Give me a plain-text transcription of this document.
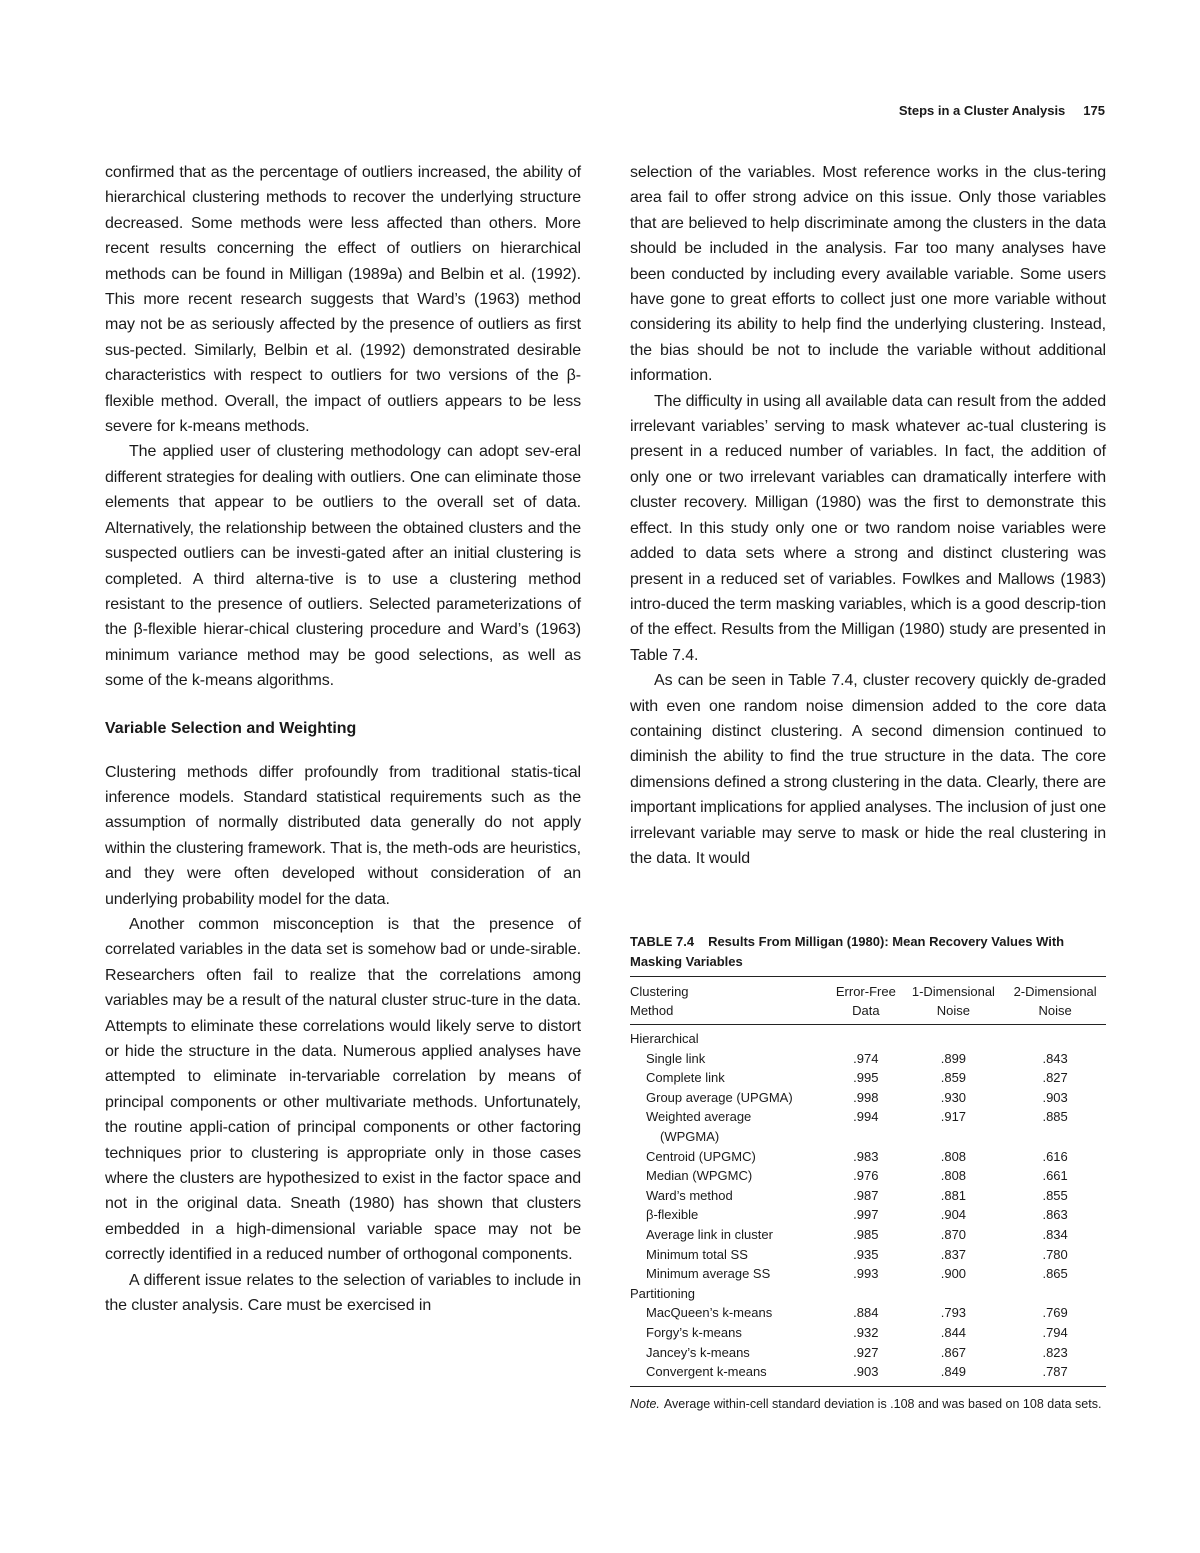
Steps in a Cluster Analysis 175

confirmed that as the percentage of outliers increased, the ability of hierarchical clustering methods to recover the underlying structure decreased. Some methods were less affected than others. More recent results concerning the effect of outliers on hierarchical methods can be found in Milligan (1989a) and Belbin et al. (1992). This more recent research suggests that Ward’s (1963) method may not be as seriously affected by the presence of outliers as first sus-pected. Similarly, Belbin et al. (1992) demonstrated desirable characteristics with respect to outliers for two versions of the β-flexible method. Overall, the impact of outliers appears to be less severe for k-means methods.

The applied user of clustering methodology can adopt sev-eral different strategies for dealing with outliers. One can eliminate those elements that appear to be outliers to the overall set of data. Alternatively, the relationship between the obtained clusters and the suspected outliers can be investi-gated after an initial clustering is completed. A third alterna-tive is to use a clustering method resistant to the presence of outliers. Selected parameterizations of the β-flexible hierar-chical clustering procedure and Ward’s (1963) minimum variance method may be good selections, as well as some of the k-means algorithms.

Variable Selection and Weighting

Clustering methods differ profoundly from traditional statis-tical inference models. Standard statistical requirements such as the assumption of normally distributed data generally do not apply within the clustering framework. That is, the meth-ods are heuristics, and they were often developed without consideration of an underlying probability model for the data.

Another common misconception is that the presence of correlated variables in the data set is somehow bad or unde-sirable. Researchers often fail to realize that the correlations among variables may be a result of the natural cluster struc-ture in the data. Attempts to eliminate these correlations would likely serve to distort or hide the structure in the data. Numerous applied analyses have attempted to eliminate in-tervariable correlation by means of principal components or other multivariate methods. Unfortunately, the routine appli-cation of principal components or other factoring techniques prior to clustering is appropriate only in those cases where the clusters are hypothesized to exist in the factor space and not in the original data. Sneath (1980) has shown that clusters embedded in a high-dimensional variable space may not be correctly identified in a reduced number of orthogonal components.

A different issue relates to the selection of variables to include in the cluster analysis. Care must be exercised in

selection of the variables. Most reference works in the clus-tering area fail to offer strong advice on this issue. Only those variables that are believed to help discriminate among the clusters in the data should be included in the analysis. Far too many analyses have been conducted by including every available variable. Some users have gone to great efforts to collect just one more variable without considering its ability to help find the underlying clustering. Instead, the bias should be not to include the variable without additional information.

The difficulty in using all available data can result from the added irrelevant variables’ serving to mask whatever ac-tual clustering is present in a reduced number of variables. In fact, the addition of only one or two irrelevant variables can dramatically interfere with cluster recovery. Milligan (1980) was the first to demonstrate this effect. In this study only one or two random noise variables were added to data sets where a strong and distinct clustering was present in a reduced set of variables. Fowlkes and Mallows (1983) intro-duced the term masking variables, which is a good descrip-tion of the effect. Results from the Milligan (1980) study are presented in Table 7.4.

As can be seen in Table 7.4, cluster recovery quickly de-graded with even one random noise dimension added to the core data containing distinct clustering. A second dimension continued to diminish the ability to find the true structure in the data. The core dimensions defined a strong clustering in the data. Clearly, there are important implications for applied analyses. The inclusion of just one irrelevant variable may serve to mask or hide the real clustering in the data. It would

TABLE 7.4 Results From Milligan (1980): Mean Recovery Values With Masking Variables
Clustering	Error-Free	1-Dimensional	2-Dimensional
Method	Data	Noise	Noise
Hierarchical			
Single link	.974	.899	.843
Complete link	.995	.859	.827
Group average (UPGMA)	.998	.930	.903
Weighted average	.994	.917	.885
(WPGMA)			
Centroid (UPGMC)	.983	.808	.616
Median (WPGMC)	.976	.808	.661
Ward’s method	.987	.881	.855
β-flexible	.997	.904	.863
Average link in cluster	.985	.870	.834
Minimum total SS	.935	.837	.780
Minimum average SS	.993	.900	.865
Partitioning			
MacQueen’s k-means	.884	.793	.769
Forgy’s k-means	.932	.844	.794
Jancey’s k-means	.927	.867	.823
Convergent k-means	.903	.849	.787
Note. Average within-cell standard deviation is .108 and was based on 108 data sets.
